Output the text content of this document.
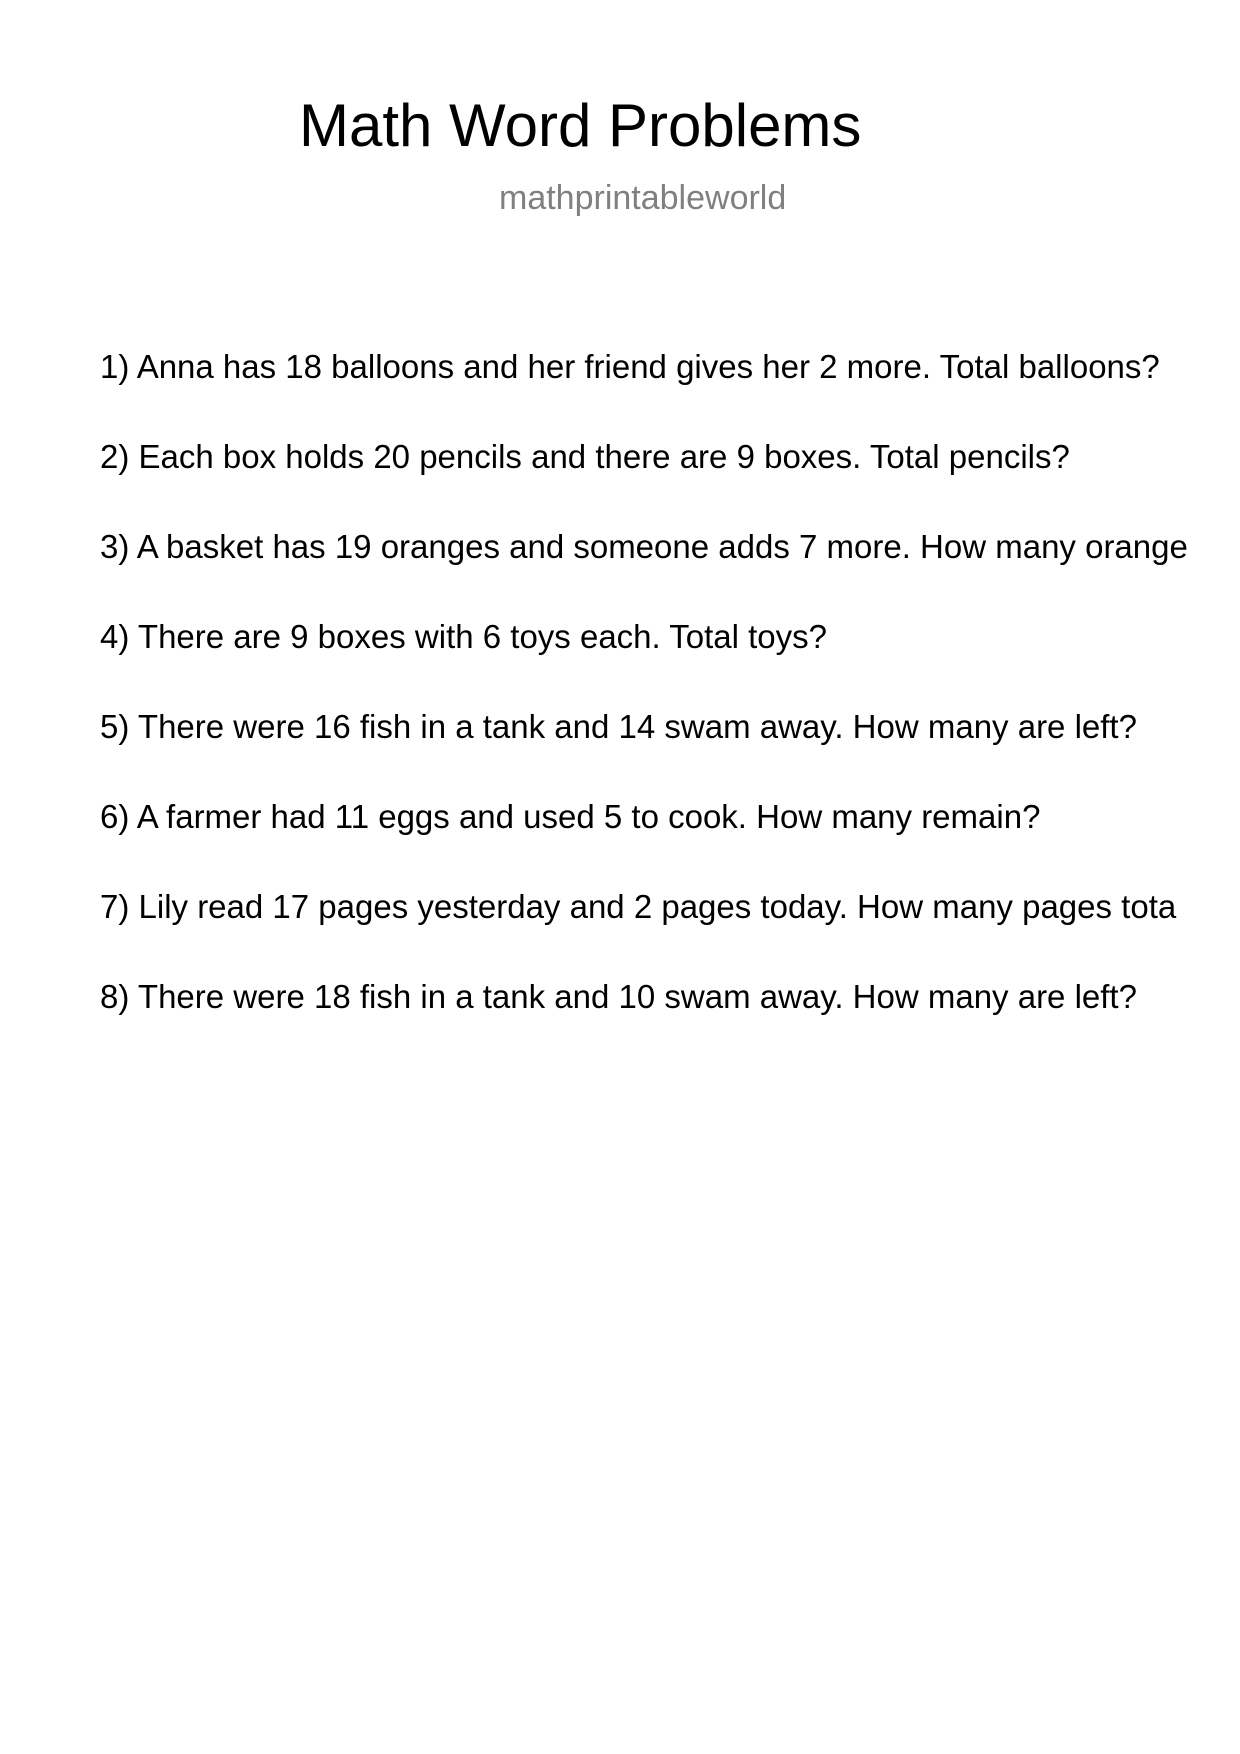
Math Word Problems
mathprintableworld
1) Anna has 18 balloons and her friend gives her 2 more. Total balloons?
2) Each box holds 20 pencils and there are 9 boxes. Total pencils?
3) A basket has 19 oranges and someone adds 7 more. How many orange
4) There are 9 boxes with 6 toys each. Total toys?
5) There were 16 fish in a tank and 14 swam away. How many are left?
6) A farmer had 11 eggs and used 5 to cook. How many remain?
7) Lily read 17 pages yesterday and 2 pages today. How many pages tota
8) There were 18 fish in a tank and 10 swam away. How many are left?
